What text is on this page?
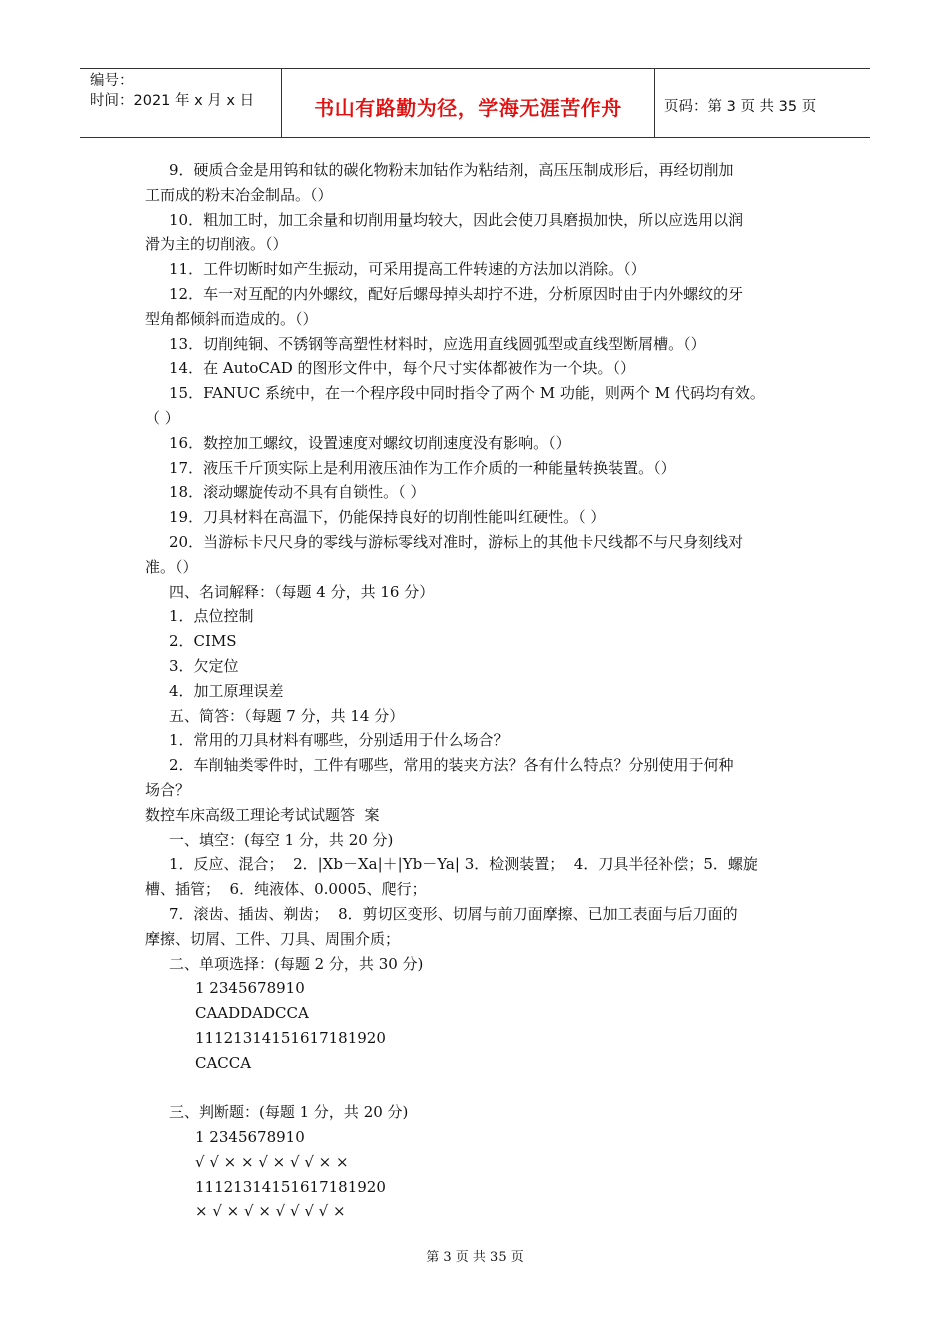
编号：
时间：2021 年 x 月 x 日	书山有路勤为径，学海无涯苦作舟	页码：第 3 页 共 35 页
9．硬质合金是用钨和钛的碳化物粉末加钴作为粘结剂，高压压制成形后，再经切削加
工而成的粉末冶金制品。（）
10．粗加工时，加工余量和切削用量均较大，因此会使刀具磨损加快，所以应选用以润
滑为主的切削液。（）
11．工件切断时如产生振动，可采用提高工件转速的方法加以消除。（）
12．车一对互配的内外螺纹，配好后螺母掉头却拧不进，分析原因时由于内外螺纹的牙
型角都倾斜而造成的。（）
13．切削纯铜、不锈钢等高塑性材料时，应选用直线圆弧型或直线型断屑槽。（）
14．在 AutoCAD 的图形文件中，每个尺寸实体都被作为一个块。（）
15．FANUC 系统中，在一个程序段中同时指令了两个 M 功能，则两个 M 代码均有效。
（ ）
16．数控加工螺纹，设置速度对螺纹切削速度没有影响。（）
17．液压千斤顶实际上是利用液压油作为工作介质的一种能量转换装置。（）
18．滚动螺旋传动不具有自锁性。（ ）
19．刀具材料在高温下，仍能保持良好的切削性能叫红硬性。（ ）
20．当游标卡尺尺身的零线与游标零线对准时，游标上的其他卡尺线都不与尺身刻线对
准。（）
四、名词解释：（每题 4 分，共 16 分）
1．点位控制
2．CIMS
3．欠定位
4．加工原理误差
五、简答：（每题 7 分，共 14 分）
1．常用的刀具材料有哪些，分别适用于什么场合？
2．车削轴类零件时，工件有哪些，常用的装夹方法？各有什么特点？分别使用于何种
场合？
数控车床高级工理论考试试题答  案
一、填空：(每空 1 分，共 20 分)
1．反应、混合；  2．|Xb－Xa|＋|Yb－Ya| 3．检测装置；  4．刀具半径补偿；5．螺旋
槽、插管；  6．纯液体、0.0005、爬行；
7．滚齿、插齿、剃齿；  8．剪切区变形、切屑与前刀面摩擦、已加工表面与后刀面的
摩擦、切屑、工件、刀具、周围介质；
二、单项选择：(每题 2 分，共 30 分)
1 2345678910
CAADDADCCA
11121314151617181920
CACCA
三、判断题：(每题 1 分，共 20 分)
1 2345678910
√ √ × × √ × √ √ × ×
11121314151617181920
× √ × √ × √ √ √ √ ×
第 3 页 共 35 页
